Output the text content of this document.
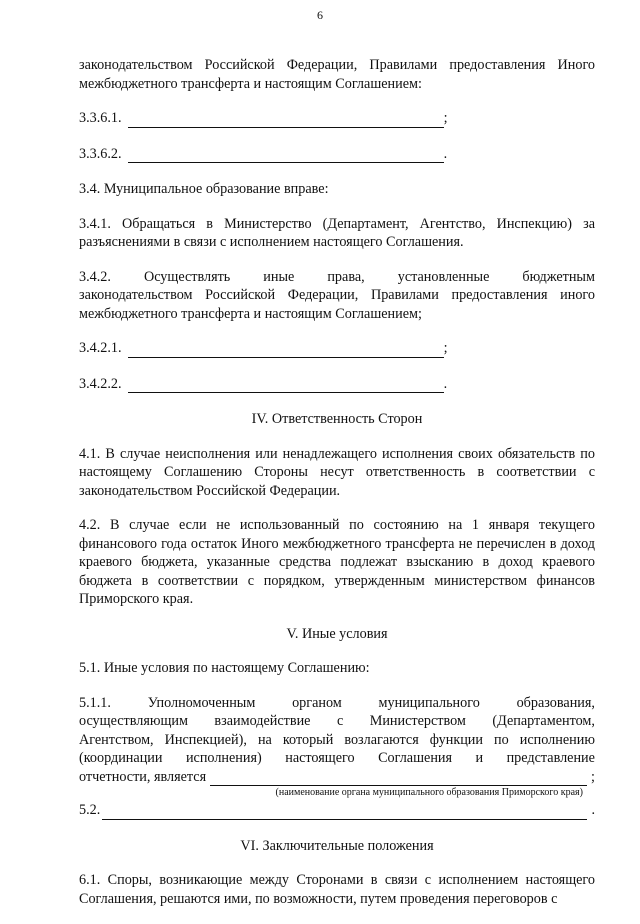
6

законодательством Российской Федерации, Правилами предоставления Иного межбюджетного трансферта и настоящим Соглашением:

3.3.6.1.	;
3.3.6.2.	.

3.4. Муниципальное образование вправе:

3.4.1. Обращаться в Министерство (Департамент, Агентство, Инспекцию) за разъяснениями в связи с исполнением настоящего Соглашения.

3.4.2. Осуществлять иные права, установленные бюджетным

законодательством Российской Федерации, Правилами предоставления иного межбюджетного трансферта и настоящим Соглашением;

3.4.2.1.	;
3.4.2.2.	.
IV. Ответственность Сторон

4.1. В случае неисполнения или ненадлежащего исполнения своих обязательств по настоящему Соглашению Стороны несут ответственность в соответствии с законодательством Российской Федерации.

4.2. В случае если не использованный по состоянию на 1 января текущего финансового года остаток Иного межбюджетного трансферта не перечислен в доход краевого бюджета, указанные средства подлежат взысканию в доход краевого бюджета в соответствии с порядком, утвержденным министерством финансов Приморского края.

V. Иные условия

5.1. Иные условия по настоящему Соглашению:

5.1.1.	Уполномоченным	органом	муниципального	образования,
осуществляющим взаимодействие с Министерством (Департаментом,
Агентством, Инспекцией), на который возлагаются функции по исполнению
(координации исполнения) настоящего Соглашения и представление
отчетности, является	;
(наименование органа муниципального образования Приморского края)
5.2.	.
VI. Заключительные положения

6.1. Споры, возникающие между Сторонами в связи с исполнением настоящего Соглашения, решаются ими, по возможности, путем проведения переговоров с
